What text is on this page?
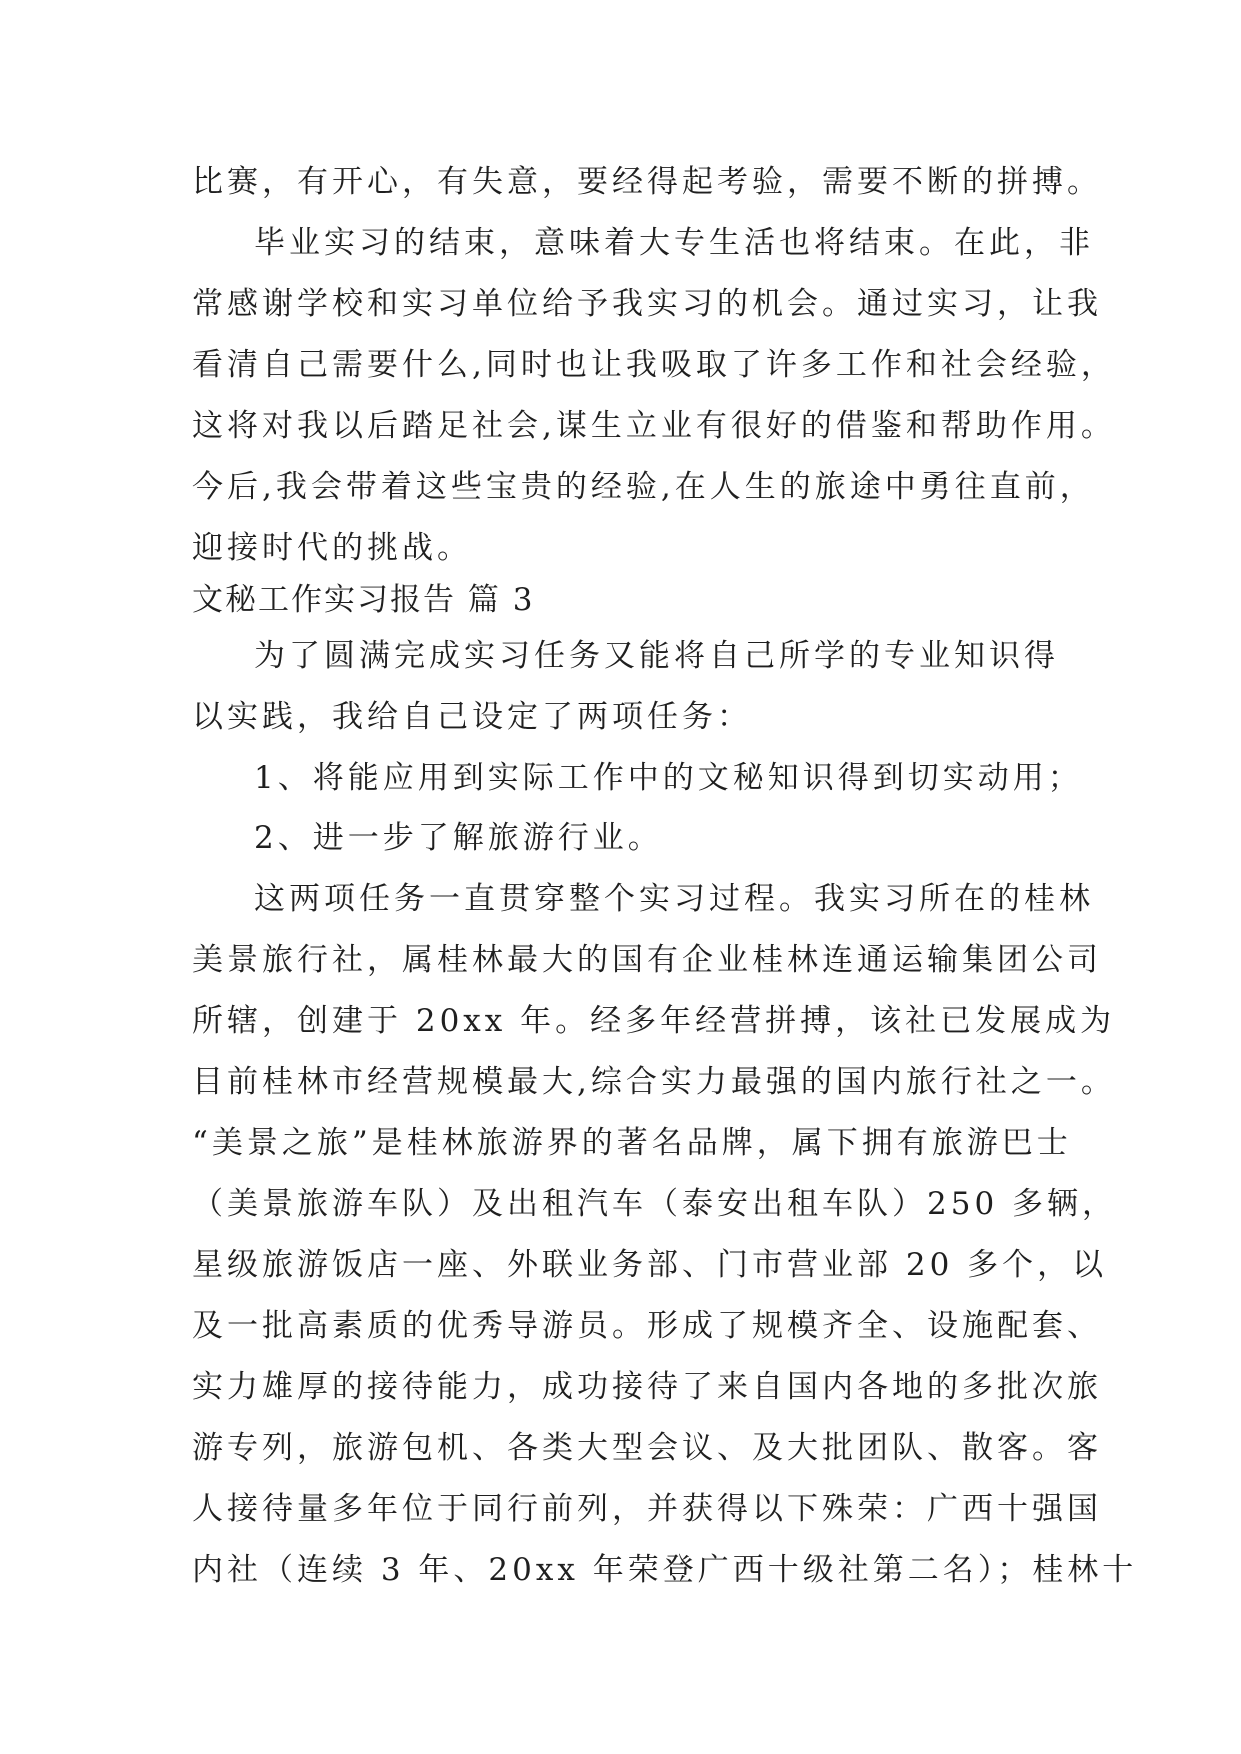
比赛，有开心，有失意，要经得起考验，需要不断的拼搏。
毕业实习的结束，意味着大专生活也将结束。在此，非
常感谢学校和实习单位给予我实习的机会。通过实习，让我
看清自己需要什么,同时也让我吸取了许多工作和社会经验，
这将对我以后踏足社会,谋生立业有很好的借鉴和帮助作用。
今后,我会带着这些宝贵的经验,在人生的旅途中勇往直前，
迎接时代的挑战。
文秘工作实习报告 篇 3
为了圆满完成实习任务又能将自己所学的专业知识得
以实践，我给自己设定了两项任务：
1、将能应用到实际工作中的文秘知识得到切实动用；
2、进一步了解旅游行业。
这两项任务一直贯穿整个实习过程。我实习所在的桂林
美景旅行社，属桂林最大的国有企业桂林连通运输集团公司
所辖，创建于 20xx 年。经多年经营拼搏，该社已发展成为
目前桂林市经营规模最大,综合实力最强的国内旅行社之一。
“美景之旅”是桂林旅游界的著名品牌，属下拥有旅游巴士
（美景旅游车队）及出租汽车（泰安出租车队）250 多辆，
星级旅游饭店一座、外联业务部、门市营业部 20 多个，以
及一批高素质的优秀导游员。形成了规模齐全、设施配套、
实力雄厚的接待能力，成功接待了来自国内各地的多批次旅
游专列，旅游包机、各类大型会议、及大批团队、散客。客
人接待量多年位于同行前列，并获得以下殊荣：广西十强国
内社（连续 3 年、20xx 年荣登广西十级社第二名）；桂林十
